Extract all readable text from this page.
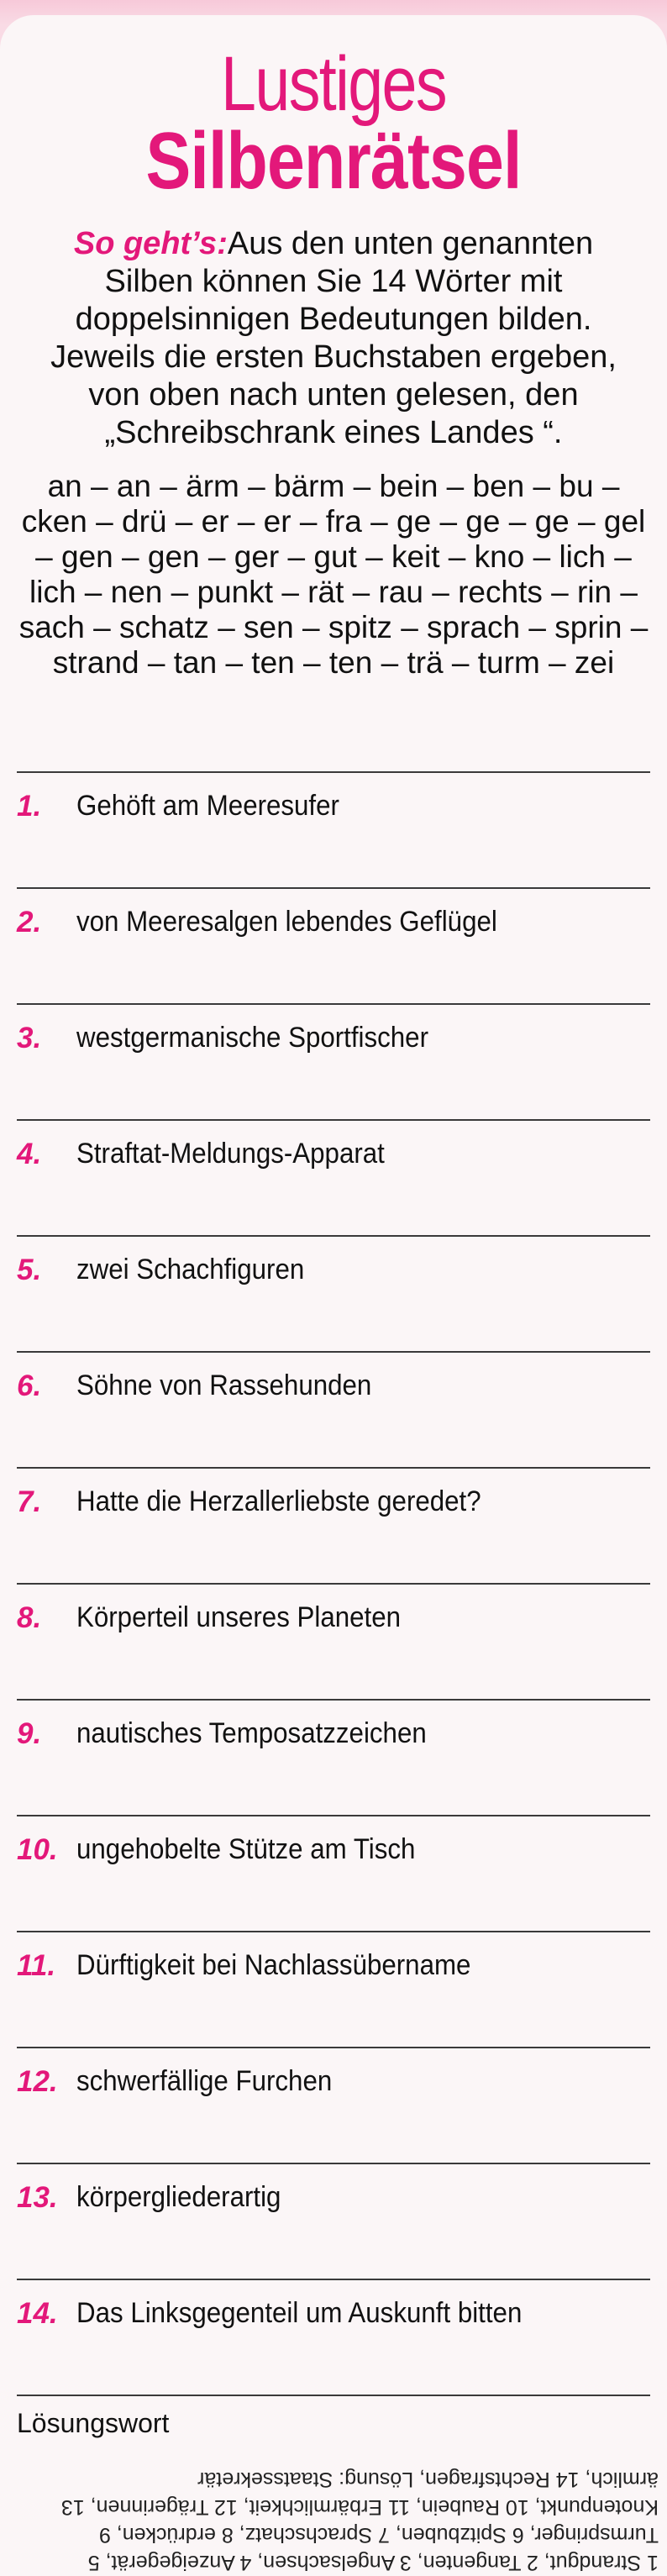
Lustiges
Silbenrätsel
So geht’s:Aus den unten genannten Silben können Sie 14 Wörter mit doppelsinnigen Bedeutungen bilden. Jeweils die ersten Buchstaben ergeben, von oben nach unten gelesen, den „Schreibschrank eines Landes “.
an – an – ärm – bärm – bein – ben – bu – cken – drü – er – er – fra – ge – ge – ge – gel – gen – gen – ger – gut – keit – kno – lich – lich – nen – punkt – rät – rau – rechts – rin – sach – schatz – sen – spitz – sprach – sprin – strand – tan – ten – ten – trä – turm – zei
1. Gehöft am Meeresufer
2. von Meeresalgen lebendes Geflügel
3. westgermanische Sportfischer
4. Straftat-Meldungs-Apparat
5. zwei Schachfiguren
6. Söhne von Rassehunden
7. Hatte die Herzallerliebste geredet?
8. Körperteil unseres Planeten
9. nautisches Temposatzzeichen
10. ungehobelte Stütze am Tisch
11. Dürftigkeit bei Nachlassübername
12. schwerfällige Furchen
13. körpergliederartig
14. Das Linksgegenteil um Auskunft bitten
Lösungswort
1 Strandgut, 2 Tangenten, 3 Angelsachsen, 4 Anzeigegerät, 5 Turmspringer, 6 Spitzbuben, 7 Sprachschatz, 8 erdrücken, 9 Knotenpunkt, 10 Raubein, 11 Erbärmlichkeit, 12 Trägerinnen, 13 ärmlich, 14 Rechtsfragen, Lösung: Staatssekretär
